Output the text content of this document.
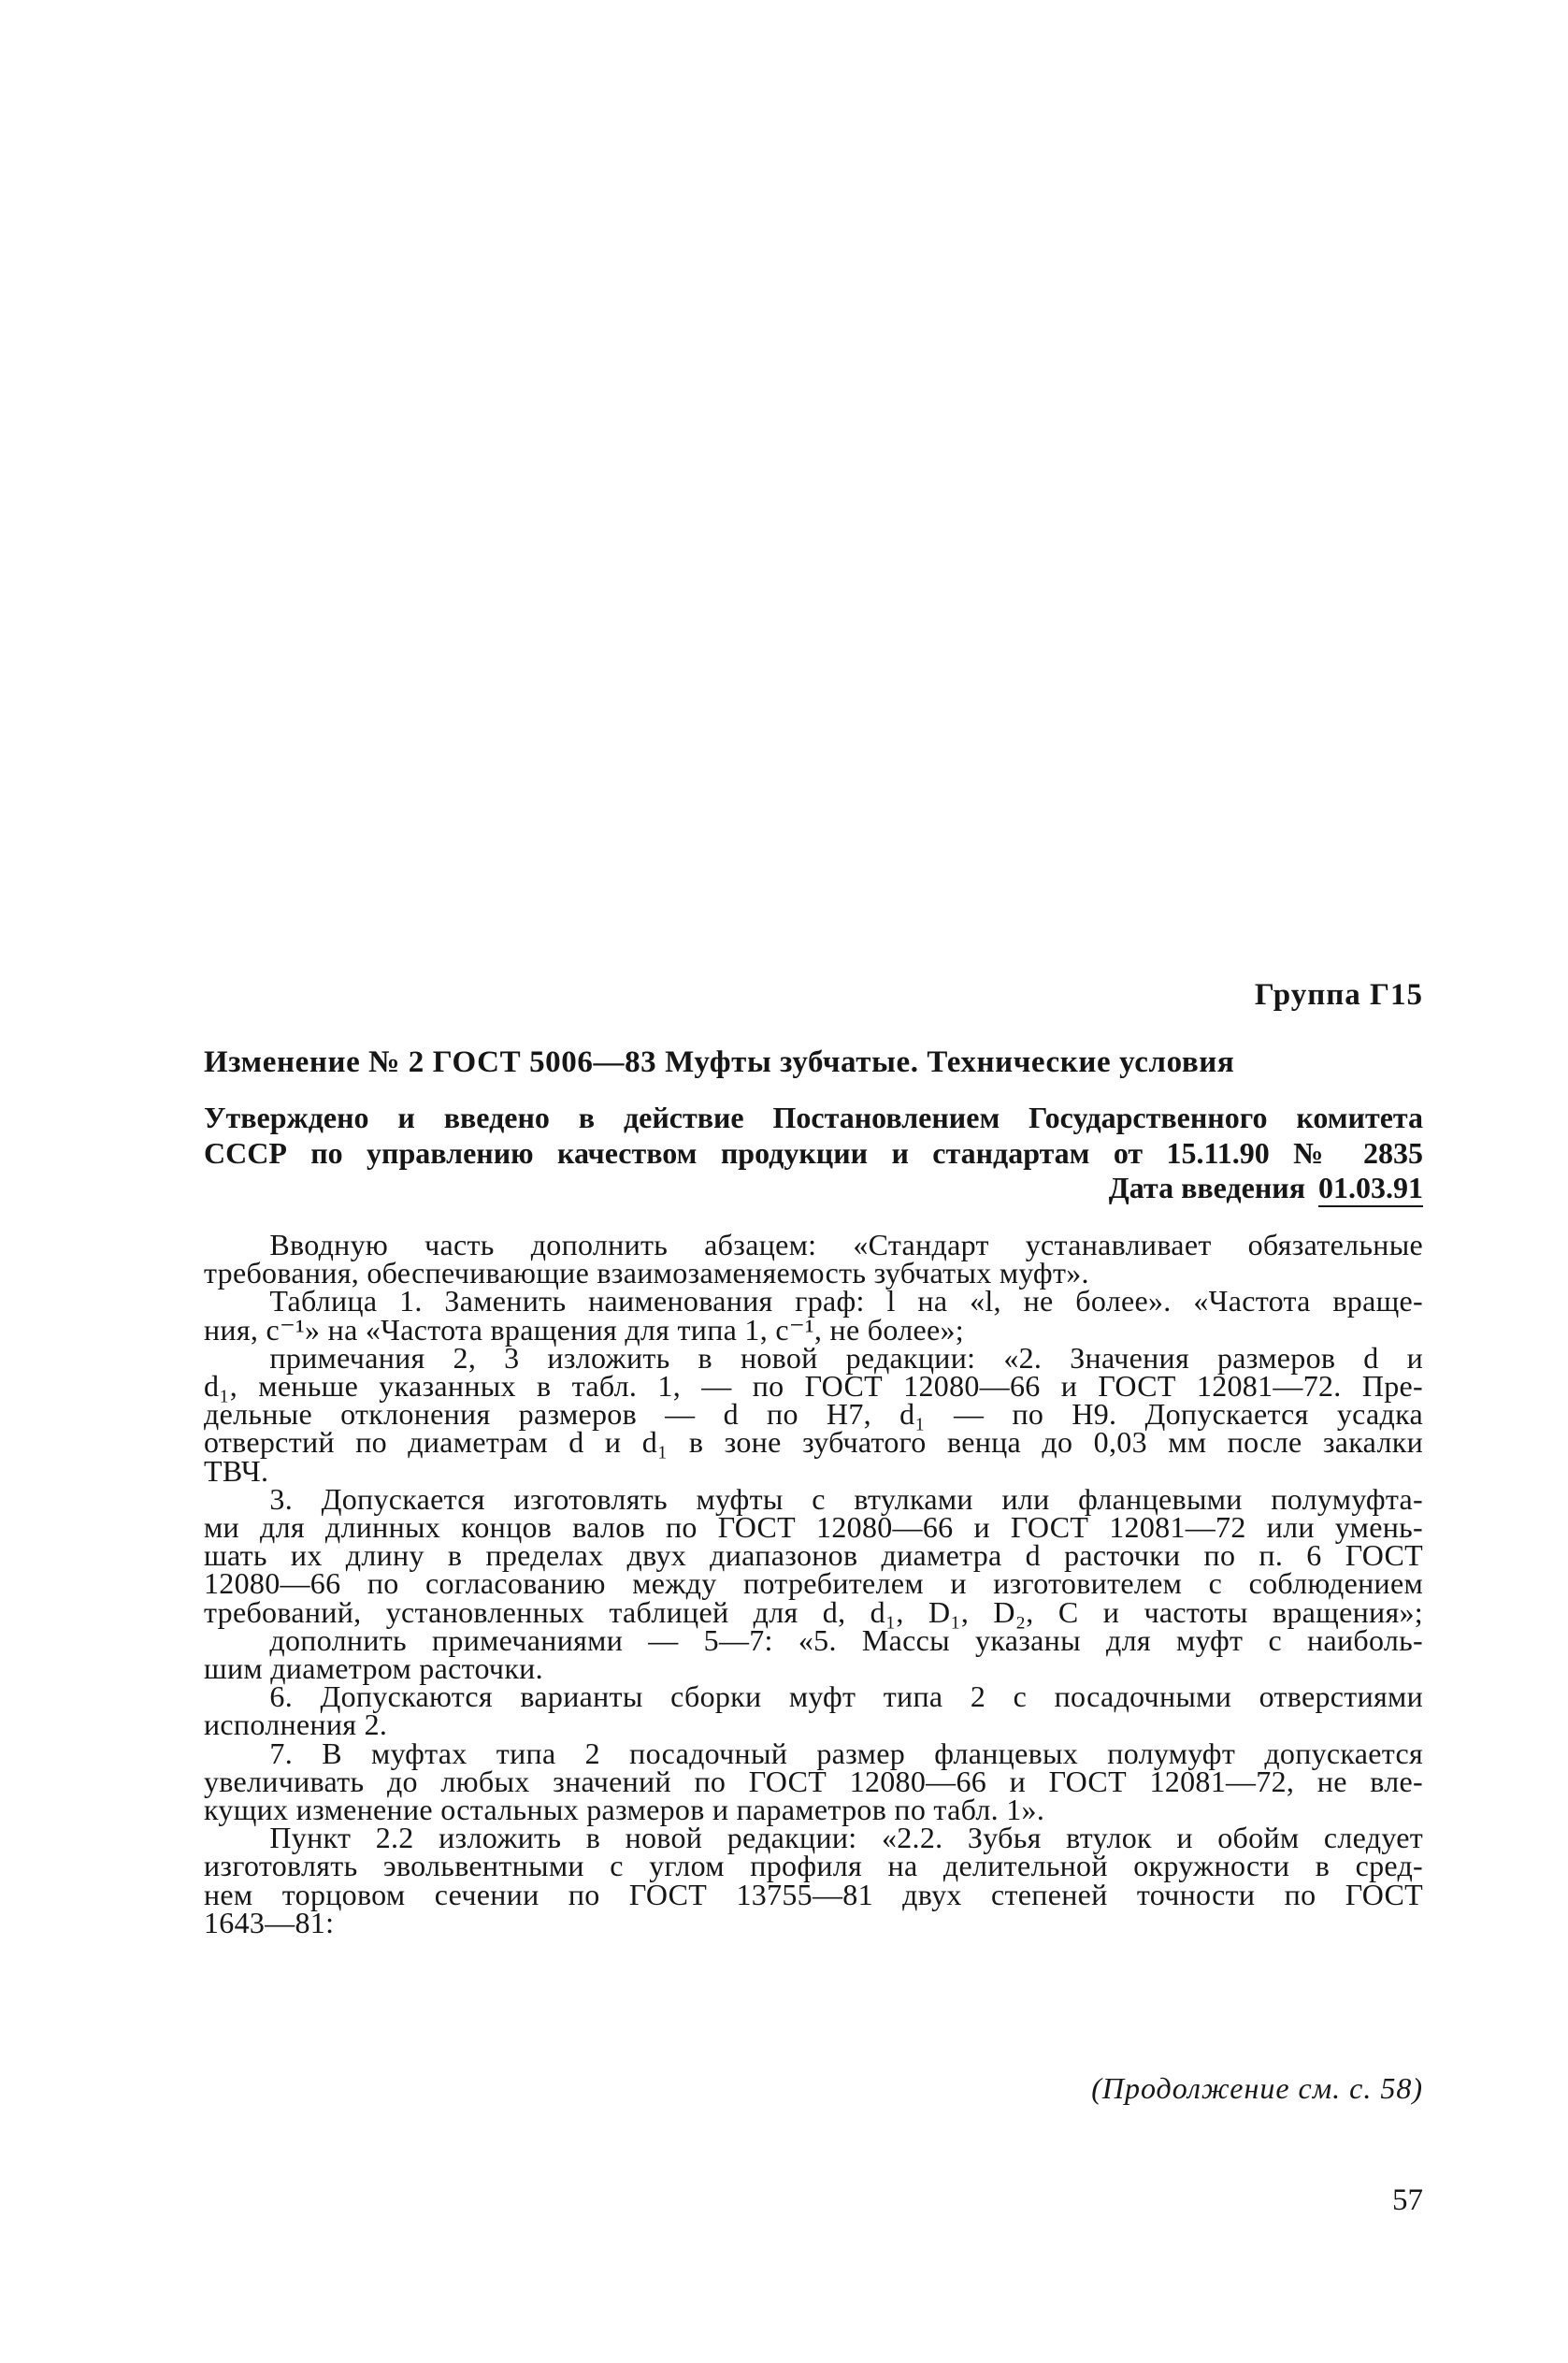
Группа Г15
Изменение № 2 ГОСТ 5006—83 Муфты зубчатые. Технические условия
Утверждено и введено в действие Постановлением Государственного комитета
СССР по управлению качеством продукции и стандартам от 15.11.90 № 2835
Дата введения 01.03.91
Вводную часть дополнить абзацем: «Стандарт устанавливает обязательные
требования, обеспечивающие взаимозаменяемость зубчатых муфт».
Таблица 1. Заменить наименования граф: l на «l, не более». «Частота враще-
ния, с⁻¹» на «Частота вращения для типа 1, с⁻¹, не более»;
примечания 2, 3 изложить в новой редакции: «2. Значения размеров d и
d₁, меньше указанных в табл. 1, — по ГОСТ 12080—66 и ГОСТ 12081—72. Пре-
дельные отклонения размеров — d по Н7, d₁ — по Н9. Допускается усадка
отверстий по диаметрам d и d₁ в зоне зубчатого венца до 0,03 мм после закалки
ТВЧ.
3. Допускается изготовлять муфты с втулками или фланцевыми полумуфта-
ми для длинных концов валов по ГОСТ 12080—66 и ГОСТ 12081—72 или умень-
шать их длину в пределах двух диапазонов диаметра d расточки по п. 6 ГОСТ
12080—66 по согласованию между потребителем и изготовителем с соблюдением
требований, установленных таблицей для d, d₁, D₁, D₂, C и частоты вращения»;
дополнить примечаниями — 5—7: «5. Массы указаны для муфт с наиболь-
шим диаметром расточки.
6. Допускаются варианты сборки муфт типа 2 с посадочными отверстиями
исполнения 2.
7. В муфтах типа 2 посадочный размер фланцевых полумуфт допускается
увеличивать до любых значений по ГОСТ 12080—66 и ГОСТ 12081—72, не вле-
кущих изменение остальных размеров и параметров по табл. 1».
Пункт 2.2 изложить в новой редакции: «2.2. Зубья втулок и обойм следует
изготовлять эвольвентными с углом профиля на делительной окружности в сред-
нем торцовом сечении по ГОСТ 13755—81 двух степеней точности по ГОСТ
1643—81:
(Продолжение см. с. 58)
57
